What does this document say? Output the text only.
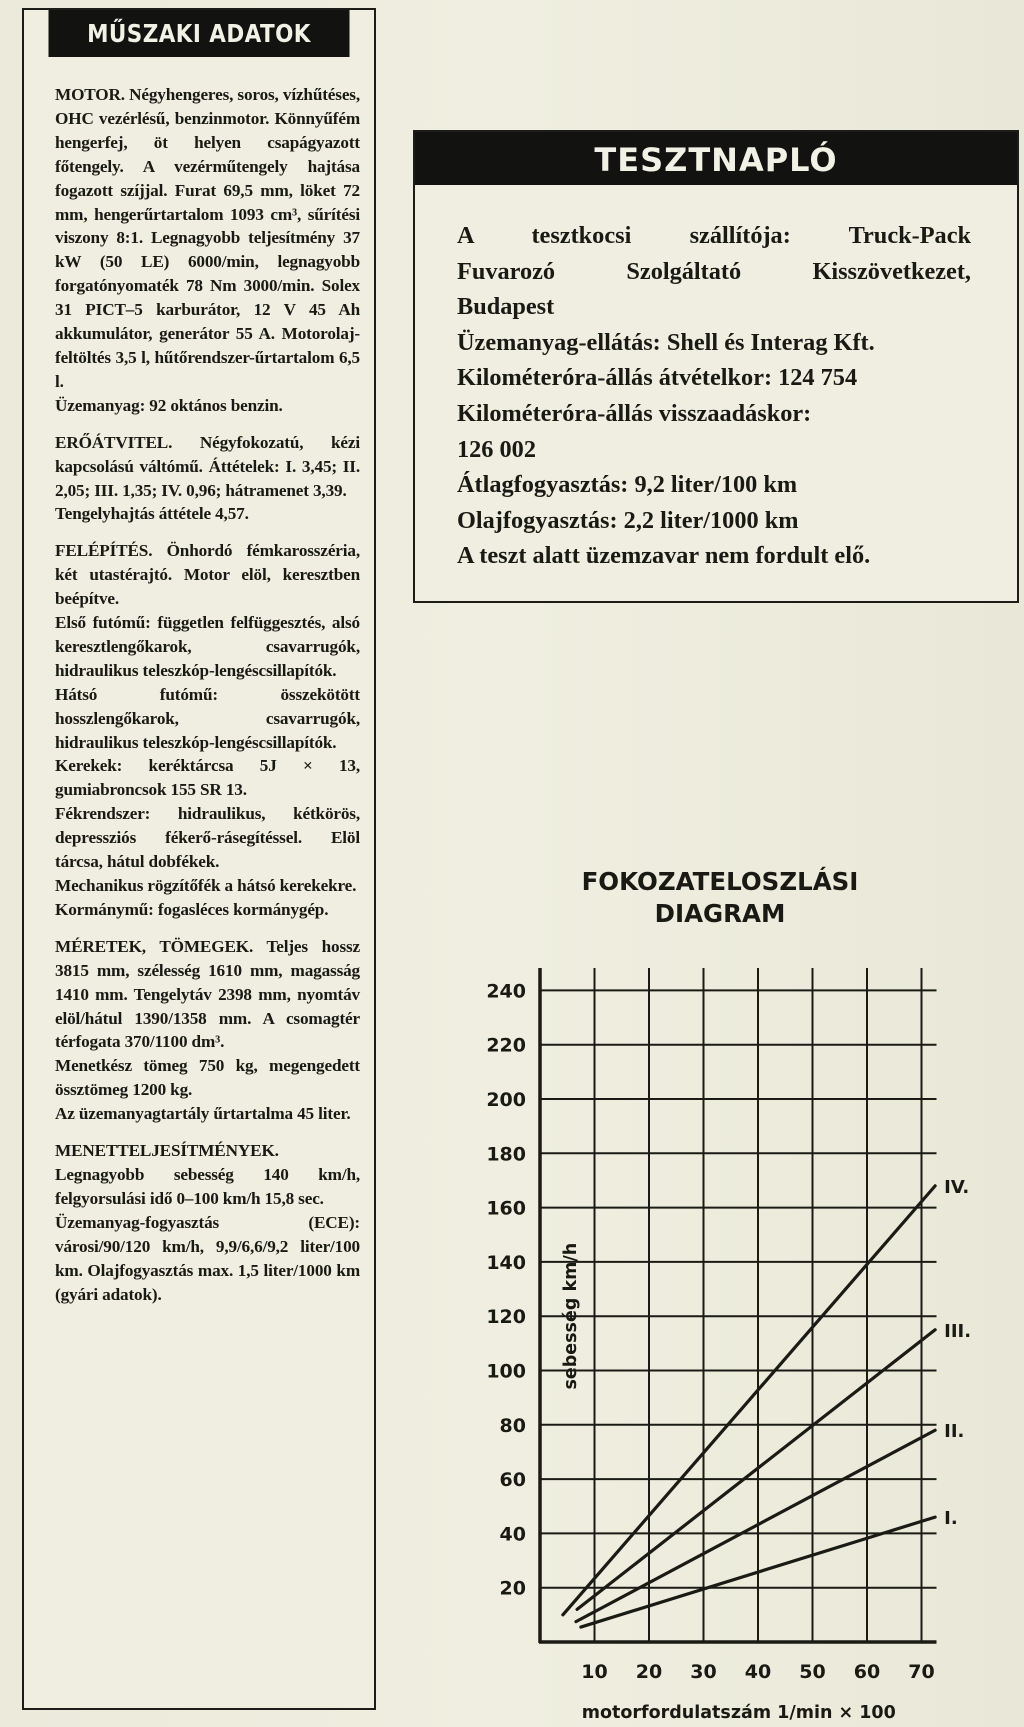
MŰSZAKI ADATOK

MOTOR. Négyhengeres, soros, vízhűtéses, OHC vezérlésű, benzinmotor. Könnyűfém hengerfej, öt helyen csapágyazott főtengely. A vezérműtengely hajtása fogazott szíjjal. Furat 69,5 mm, löket 72 mm, hengerűrtartalom 1093 cm³, sűrítési viszony 8:1. Legnagyobb teljesítmény 37 kW (50 LE) 6000/min, legnagyobb forgatónyomaték 78 Nm 3000/min. Solex 31 PICT–5 karburátor, 12 V 45 Ah akkumulátor, generátor 55 A. Motorolaj-feltöltés 3,5 l, hűtőrendszer-űrtartalom 6,5 l.

Üzemanyag: 92 oktános benzin.

ERŐÁTVITEL. Négyfokozatú, kézi kapcsolású váltómű. Áttételek: I. 3,45; II. 2,05; III. 1,35; IV. 0,96; hátramenet 3,39.

Tengelyhajtás áttétele 4,57.

FELÉPÍTÉS. Önhordó fémkarosszéria, két utastérajtó. Motor elöl, keresztben beépítve.

Első futómű: független felfüggesztés, alsó keresztlengőkarok, csavarrugók, hidraulikus teleszkóp-lengéscsillapítók.

Hátsó futómű: összekötött hosszlengőkarok, csavarrugók, hidraulikus teleszkóp-lengéscsillapítók.

Kerekek: keréktárcsa 5J × 13, gumiabroncsok 155 SR 13.

Fékrendszer: hidraulikus, kétkörös, depressziós fékerő-rásegítéssel. Elöl tárcsa, hátul dobfékek.

Mechanikus rögzítőfék a hátsó kerekekre.

Kormánymű: fogasléces kormánygép.

MÉRETEK, TÖMEGEK. Teljes hossz 3815 mm, szélesség 1610 mm, magasság 1410 mm. Tengelytáv 2398 mm, nyomtáv elöl/hátul 1390/1358 mm. A csomagtér térfogata 370/1100 dm³.

Menetkész tömeg 750 kg, megengedett össztömeg 1200 kg.

Az üzemanyagtartály űrtartalma 45 liter.

MENETTELJESÍTMÉNYEK.

Legnagyobb sebesség 140 km/h, felgyorsulási idő 0–100 km/h 15,8 sec.

Üzemanyag-fogyasztás (ECE): városi/90/120 km/h, 9,9/6,6/9,2 liter/100 km. Olajfogyasztás max. 1,5 liter/1000 km (gyári adatok).

TESZTNAPLÓ

A tesztkocsi szállítója: Truck-Pack

Fuvarozó Szolgáltató Kisszövetkezet,

Budapest

Üzemanyag-ellátás: Shell és Interag Kft.

Kilométeróra-állás átvételkor: 124 754

Kilométeróra-állás visszaadáskor:

126 002

Átlagfogyasztás: 9,2 liter/100 km

Olajfogyasztás: 2,2 liter/1000 km

A teszt alatt üzemzavar nem fordult elő.

FOKOZATELOSZLÁSI
DIAGRAM
20
40
60
80
100
120
140
160
180
200
220
240
10 20 30 40 50 60 70
motorfordulatszám 1/min × 100
sebesség km/h
I.
II.
III.
IV.
